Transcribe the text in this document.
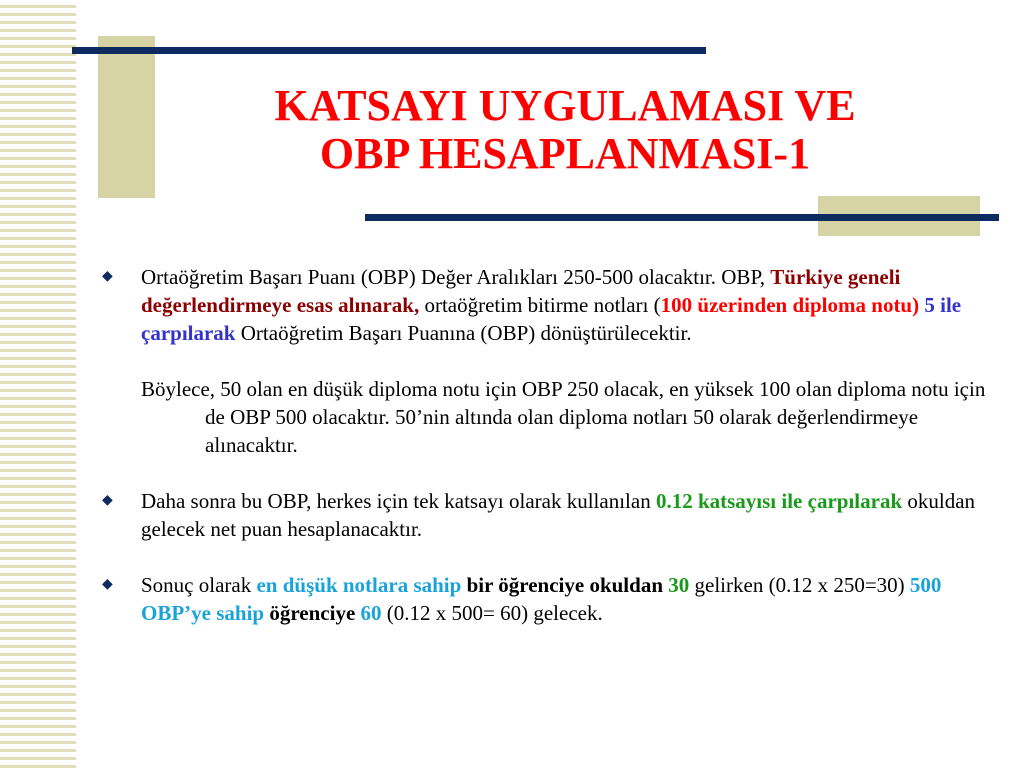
KATSAYI UYGULAMASI VE
OBP HESAPLANMASI-1

◆ Ortaöğretim Başarı Puanı (OBP) Değer Aralıkları 250-500 olacaktır. OBP, Türkiye geneli değerlendirmeye esas alınarak, ortaöğretim bitirme notları (100 üzerinden diploma notu) 5 ile çarpılarak Ortaöğretim Başarı Puanına (OBP) dönüştürülecektir.

Böylece, 50 olan en düşük diploma notu için OBP 250 olacak, en yüksek 100 olan diploma notu için de OBP 500 olacaktır. 50’nin altında olan diploma notları 50 olarak değerlendirmeye alınacaktır.

◆ Daha sonra bu OBP, herkes için tek katsayı olarak kullanılan 0.12 katsayısı ile çarpılarak okuldan gelecek net puan hesaplanacaktır.

◆ Sonuç olarak en düşük notlara sahip bir öğrenciye okuldan 30 gelirken (0.12 x 250=30) 500 OBP’ye sahip öğrenciye 60 (0.12 x 500= 60) gelecek.
